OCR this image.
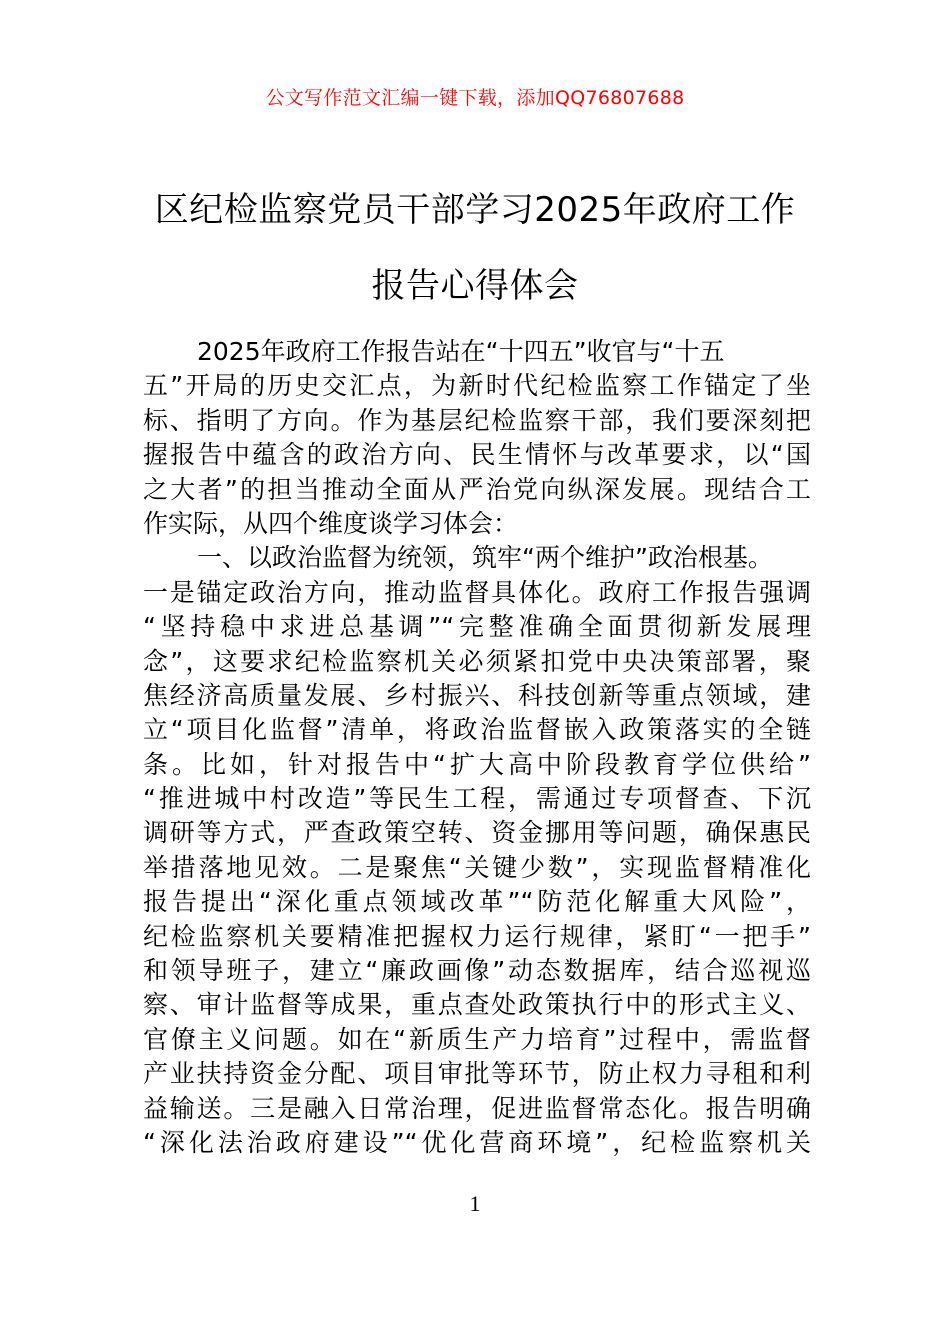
公文写作范文汇编一键下载，添加QQ76807688
区纪检监察党员干部学习2025年政府工作
报告心得体会
2025年政府工作报告站在“十四五”收官与“十五
五”开局的历史交汇点，为新时代纪检监察工作锚定了坐
标、指明了方向。作为基层纪检监察干部，我们要深刻把
握报告中蕴含的政治方向、民生情怀与改革要求，以“国
之大者”的担当推动全面从严治党向纵深发展。现结合工
作实际，从四个维度谈学习体会：
一、以政治监督为统领，筑牢“两个维护”政治根基。
一是锚定政治方向，推动监督具体化。政府工作报告强调
“坚持稳中求进总基调”“完整准确全面贯彻新发展理
念”，这要求纪检监察机关必须紧扣党中央决策部署，聚
焦经济高质量发展、乡村振兴、科技创新等重点领域，建
立“项目化监督”清单，将政治监督嵌入政策落实的全链
条。比如，针对报告中“扩大高中阶段教育学位供给”
“推进城中村改造”等民生工程，需通过专项督查、下沉
调研等方式，严查政策空转、资金挪用等问题，确保惠民
举措落地见效。二是聚焦“关键少数”，实现监督精准化
报告提出“深化重点领域改革”“防范化解重大风险”，
纪检监察机关要精准把握权力运行规律，紧盯“一把手”
和领导班子，建立“廉政画像”动态数据库，结合巡视巡
察、审计监督等成果，重点查处政策执行中的形式主义、
官僚主义问题。如在“新质生产力培育”过程中，需监督
产业扶持资金分配、项目审批等环节，防止权力寻租和利
益输送。三是融入日常治理，促进监督常态化。报告明确
“深化法治政府建设”“优化营商环境”，纪检监察机关
1
